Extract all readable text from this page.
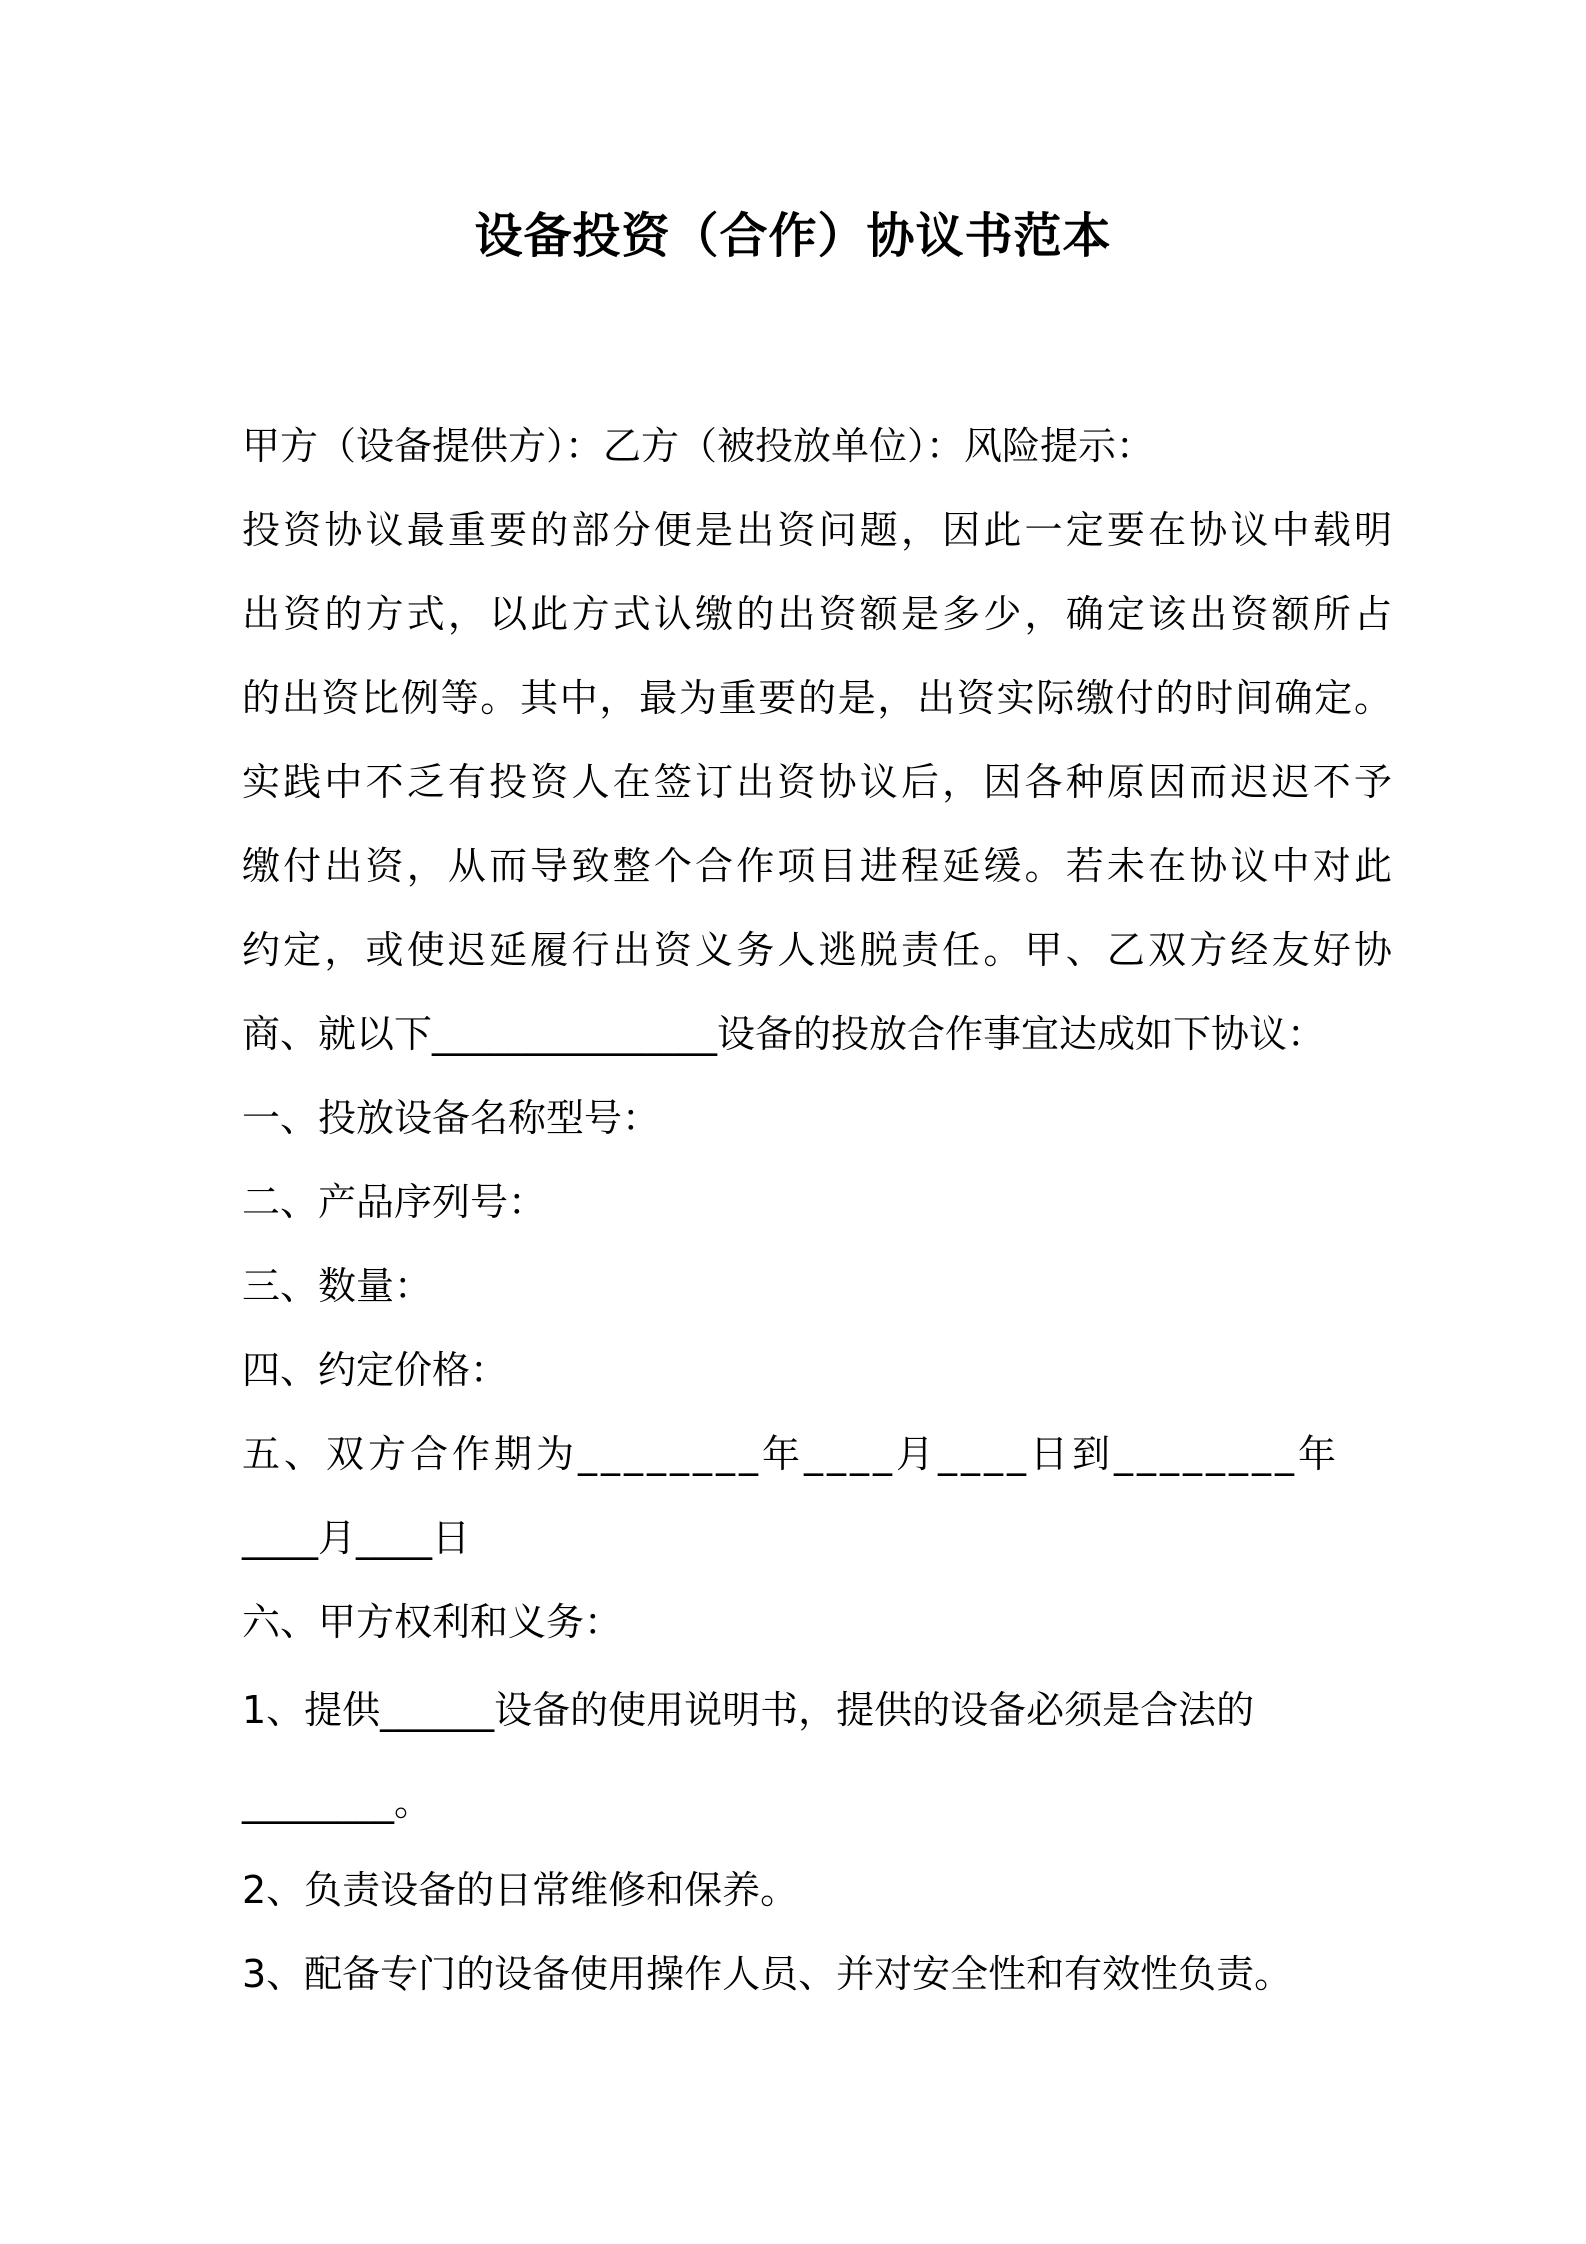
设备投资（合作）协议书范本
甲方（设备提供方）：乙方（被投放单位）：风险提示：
投资协议最重要的部分便是出资问题，因此一定要在协议中载明
出资的方式，以此方式认缴的出资额是多少，确定该出资额所占
的出资比例等。其中，最为重要的是，出资实际缴付的时间确定。
实践中不乏有投资人在签订出资协议后，因各种原因而迟迟不予
缴付出资，从而导致整个合作项目进程延缓。若未在协议中对此
约定，或使迟延履行出资义务人逃脱责任。甲、乙双方经友好协
商、就以下_______________设备的投放合作事宜达成如下协议：
一、投放设备名称型号：
二、产品序列号：
三、数量：
四、约定价格：
五、双方合作期为________年____月____日到________年
____月____日
六、甲方权利和义务：
1、提供______设备的使用说明书，提供的设备必须是合法的
________。
2、负责设备的日常维修和保养。
3、配备专门的设备使用操作人员、并对安全性和有效性负责。
